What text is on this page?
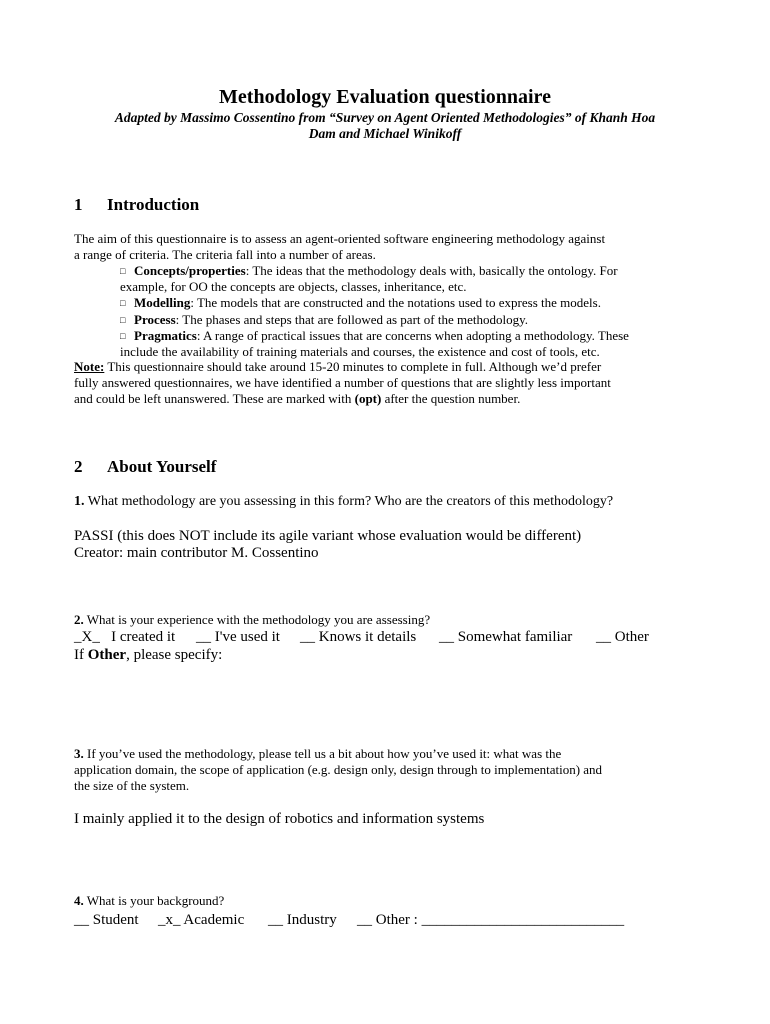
Methodology Evaluation questionnaire
Adapted by Massimo Cossentino from “Survey on Agent Oriented Methodologies” of Khanh Hoa
Dam and Michael Winikoff
1 Introduction
The aim of this questionnaire is to assess an agent-oriented software engineering methodology against
a range of criteria. The criteria fall into a number of areas.
□ Concepts/properties: The ideas that the methodology deals with, basically the ontology. For
example, for OO the concepts are objects, classes, inheritance, etc.
□ Modelling: The models that are constructed and the notations used to express the models.
□ Process: The phases and steps that are followed as part of the methodology.
□ Pragmatics: A range of practical issues that are concerns when adopting a methodology. These
include the availability of training materials and courses, the existence and cost of tools, etc.
Note: This questionnaire should take around 15-20 minutes to complete in full. Although we’d prefer
fully answered questionnaires, we have identified a number of questions that are slightly less important
and could be left unanswered. These are marked with (opt) after the question number.
2 About Yourself
1. What methodology are you assessing in this form? Who are the creators of this methodology?
PASSI (this does NOT include its agile variant whose evaluation would be different)
Creator: main contributor M. Cossentino
2. What is your experience with the methodology you are assessing?
_X_   I created it __ I've used it __ Knows it details __ Somewhat familiar __ Other
If Other, please specify:
3. If you’ve used the methodology, please tell us a bit about how you’ve used it: what was the
application domain, the scope of application (e.g. design only, design through to implementation) and
the size of the system.
I mainly applied it to the design of robotics and information systems
4. What is your background?
__ Student _x_ Academic __ Industry __ Other : ___________________________
